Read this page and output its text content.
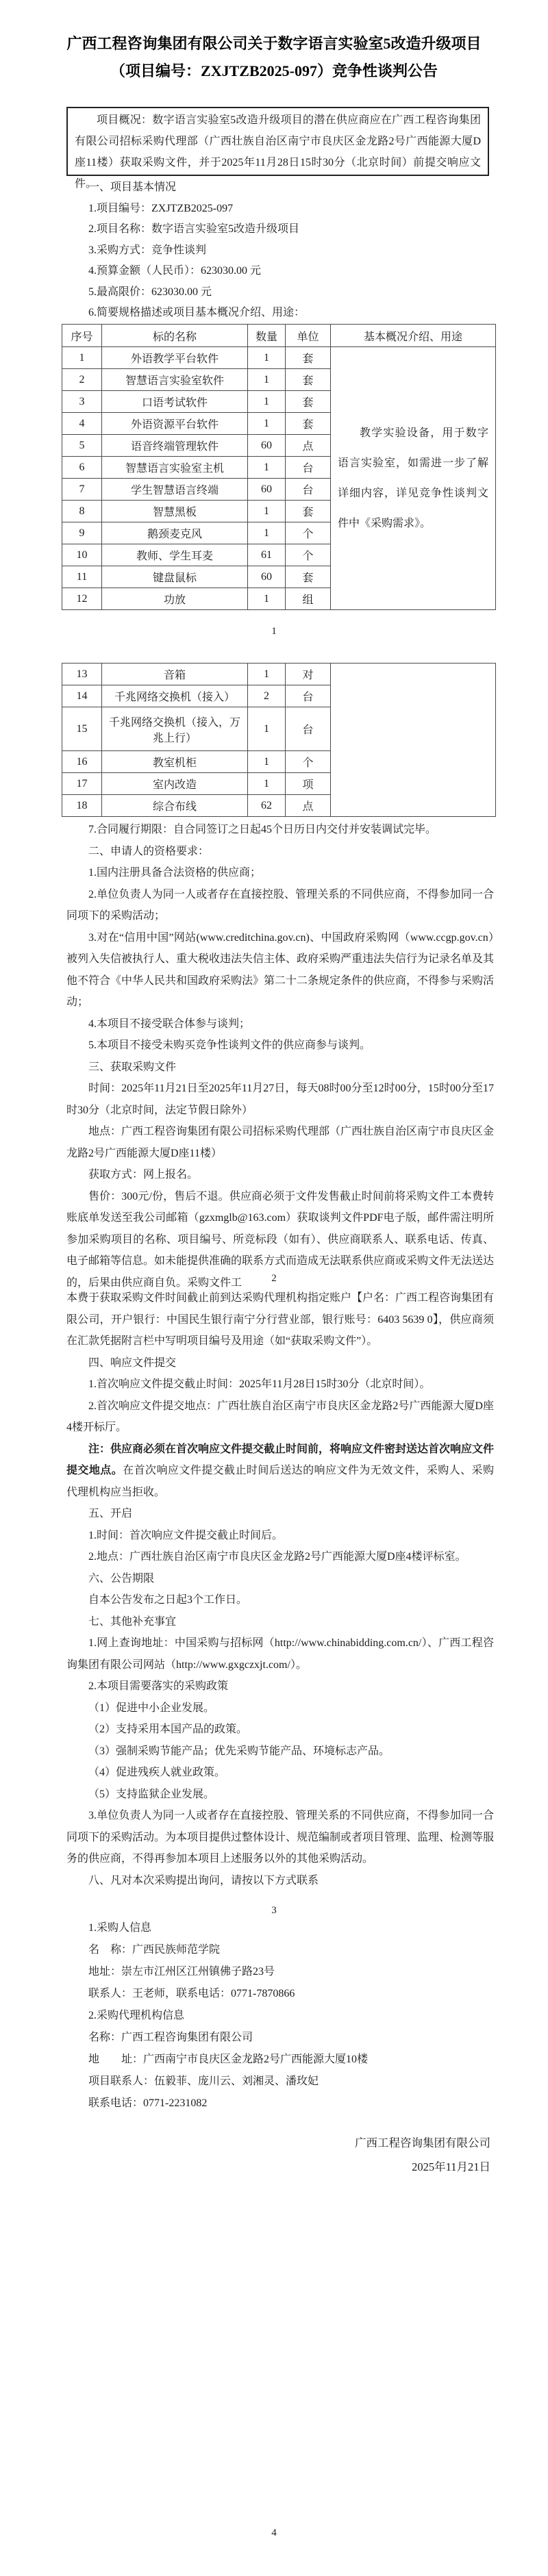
广西工程咨询集团有限公司关于数字语言实验室5改造升级项目

（项目编号：ZXJTZB2025-097）竞争性谈判公告

项目概况：数字语言实验室5改造升级项目的潜在供应商应在广西工程咨询集团有限公司招标采购代理部（广西壮族自治区南宁市良庆区金龙路2号广西能源大厦D座11楼）获取采购文件，并于2025年11月28日15时30分（北京时间）前提交响应文件。

一、项目基本情况

1.项目编号：ZXJTZB2025-097

2.项目名称：数字语言实验室5改造升级项目

3.采购方式：竞争性谈判

4.预算金额（人民币）：623030.00 元

5.最高限价：623030.00 元

6.简要规格描述或项目基本概况介绍、用途：

序号	标的名称	数量	单位	基本概况介绍、用途
1	外语教学平台软件	1	套	教学实验设备，用于数字语言实验室，如需进一步了解详细内容，详见竞争性谈判文件中《采购需求》。
2	智慧语言实验室软件	1	套	
3	口语考试软件	1	套	
4	外语资源平台软件	1	套	
5	语音终端管理软件	60	点	
6	智慧语言实验室主机	1	台	
7	学生智慧语言终端	60	台	
8	智慧黑板	1	套	
9	鹅颈麦克风	1	个	
10	教师、学生耳麦	61	个	
11	键盘鼠标	60	套	
12	功放	1	组	
1
13	音箱	1	对	
14	千兆网络交换机（接入）	2	台	
15	千兆网络交换机（接入，万兆上行）	1	台	
16	教室机柜	1	个	
17	室内改造	1	项	
18	综合布线	62	点	

7.合同履行期限：自合同签订之日起45个日历日内交付并安装调试完毕。

二、申请人的资格要求：

1.国内注册具备合法资格的供应商；

2.单位负责人为同一人或者存在直接控股、管理关系的不同供应商，不得参加同一合同项下的采购活动；

3.对在“信用中国”网站(www.creditchina.gov.cn)、中国政府采购网（www.ccgp.gov.cn）被列入失信被执行人、重大税收违法失信主体、政府采购严重违法失信行为记录名单及其他不符合《中华人民共和国政府采购法》第二十二条规定条件的供应商，不得参与采购活动；

4.本项目不接受联合体参与谈判；

5.本项目不接受未购买竞争性谈判文件的供应商参与谈判。

三、获取采购文件

时间：2025年11月21日至2025年11月27日，每天08时00分至12时00分，15时00分至17时30分（北京时间，法定节假日除外）

地点：广西工程咨询集团有限公司招标采购代理部（广西壮族自治区南宁市良庆区金龙路2号广西能源大厦D座11楼）

获取方式：网上报名。

售价：300元/份，售后不退。供应商必须于文件发售截止时间前将采购文件工本费转账底单发送至我公司邮箱（gzxmglb@163.com）获取谈判文件PDF电子版，邮件需注明所参加采购项目的名称、项目编号、所竞标段（如有）、供应商联系人、联系电话、传真、电子邮箱等信息。如未能提供准确的联系方式而造成无法联系供应商或采购文件无法送达的，后果由供应商自负。采购文件工	2

本费于获取采购文件时间截止前到达采购代理机构指定账户【户名：广西工程咨询集团有限公司，开户银行：中国民生银行南宁分行营业部，银行账号：6403 5639 0】，供应商须在汇款凭据附言栏中写明项目编号及用途（如“获取采购文件”）。

四、响应文件提交

1.首次响应文件提交截止时间：2025年11月28日15时30分（北京时间）。

2.首次响应文件提交地点：广西壮族自治区南宁市良庆区金龙路2号广西能源大厦D座4楼开标厅。

注：供应商必须在首次响应文件提交截止时间前，将响应文件密封送达首次响应文件提交地点。在首次响应文件提交截止时间后送达的响应文件为无效文件，采购人、采购代理机构应当拒收。

五、开启

1.时间：首次响应文件提交截止时间后。

2.地点：广西壮族自治区南宁市良庆区金龙路2号广西能源大厦D座4楼评标室。

六、公告期限

自本公告发布之日起3个工作日。

七、其他补充事宜

1.网上查询地址：中国采购与招标网（http://www.chinabidding.com.cn/）、广西工程咨询集团有限公司网站（http://www.gxgczxjt.com/）。

2.本项目需要落实的采购政策

（1）促进中小企业发展。

（2）支持采用本国产品的政策。

（3）强制采购节能产品；优先采购节能产品、环境标志产品。

（4）促进残疾人就业政策。

（5）支持监狱企业发展。

3.单位负责人为同一人或者存在直接控股、管理关系的不同供应商，不得参加同一合同项下的采购活动。为本项目提供过整体设计、规范编制或者项目管理、监理、检测等服务的供应商，不得再参加本项目上述服务以外的其他采购活动。

八、凡对本次采购提出询问，请按以下方式联系

3

1.采购人信息

名　称：广西民族师范学院

地址：崇左市江州区江州镇佛子路23号

联系人：王老师，联系电话：0771-7870866

2.采购代理机构信息

名称：广西工程咨询集团有限公司

地　　址：广西南宁市良庆区金龙路2号广西能源大厦10楼

项目联系人：伍毅菲、庞川云、刘湘灵、潘玫妃

联系电话：0771-2231082

广西工程咨询集团有限公司

2025年11月21日

4
